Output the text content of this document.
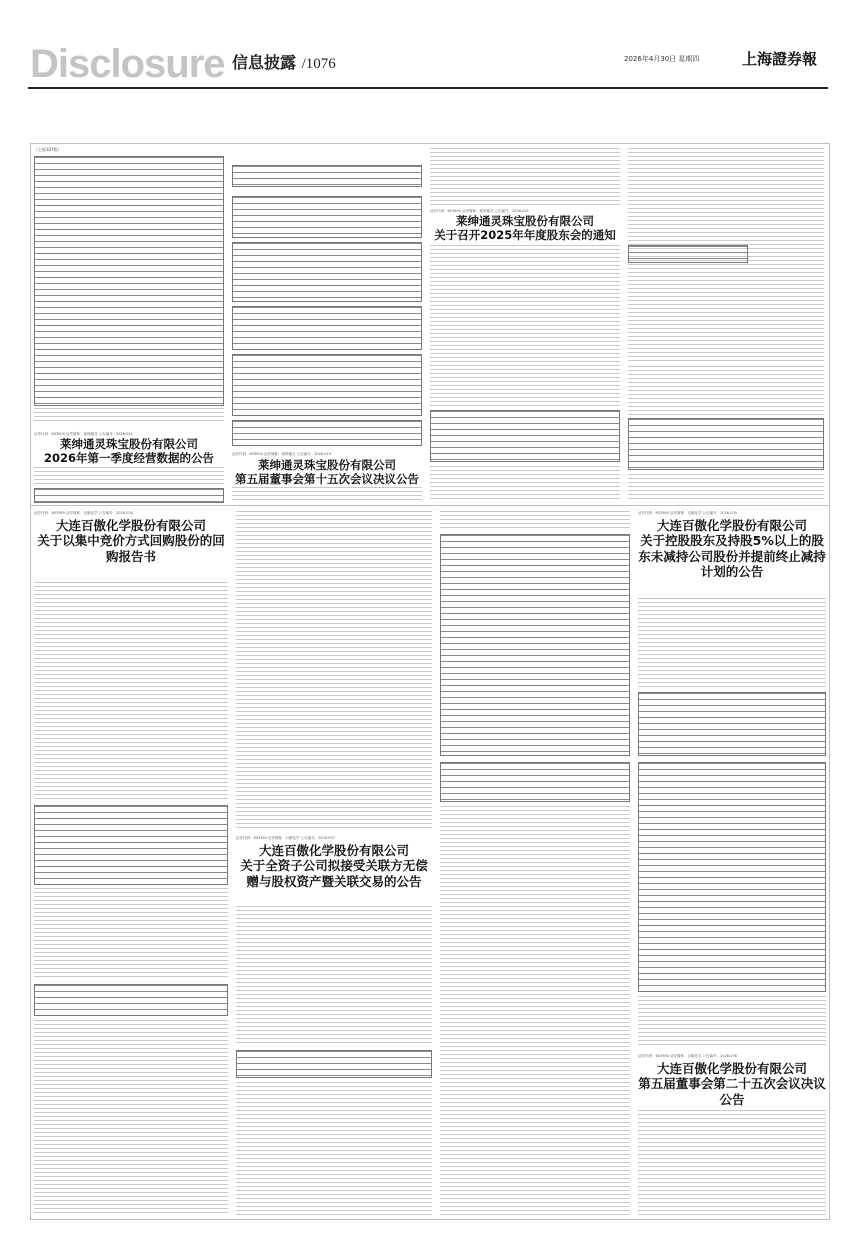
Disclosure 信息披露 /1076	2026年4月30日 星期四	上海證券報
（上接107版）
证券代码：603900 证券简称：莱绅通灵 公告编号：2026-021
莱绅通灵珠宝股份有限公司
2026年第一季度经营数据的公告	证券代码：603900 证券简称：莱绅通灵 公告编号：2026-019
莱绅通灵珠宝股份有限公司
第五届董事会第十五次会议决议公告
证券代码：603900 证券简称：莱绅通灵 公告编号：2026-021
莱绅通灵珠宝股份有限公司
关于召开2025年年度股东会的通知
证券代码：603360 证券简称：百傲化学 公告编号：2026-034
大连百傲化学股份有限公司
关于以集中竞价方式回购股份的回购报告书
证券代码：603360 证券简称：百傲化学 公告编号：2026-037
大连百傲化学股份有限公司
关于全资子公司拟接受关联方无偿赠与股权资产暨关联交易的公告
证券代码：603360 证券简称：百傲化学 公告编号：2026-035
大连百傲化学股份有限公司
关于控股股东及持股5%以上的股东未减持公司股份并提前终止减持计划的公告
证券代码：603360 证券简称：百傲化学 公告编号：2026-036
大连百傲化学股份有限公司
第五届董事会第二十五次会议决议公告
